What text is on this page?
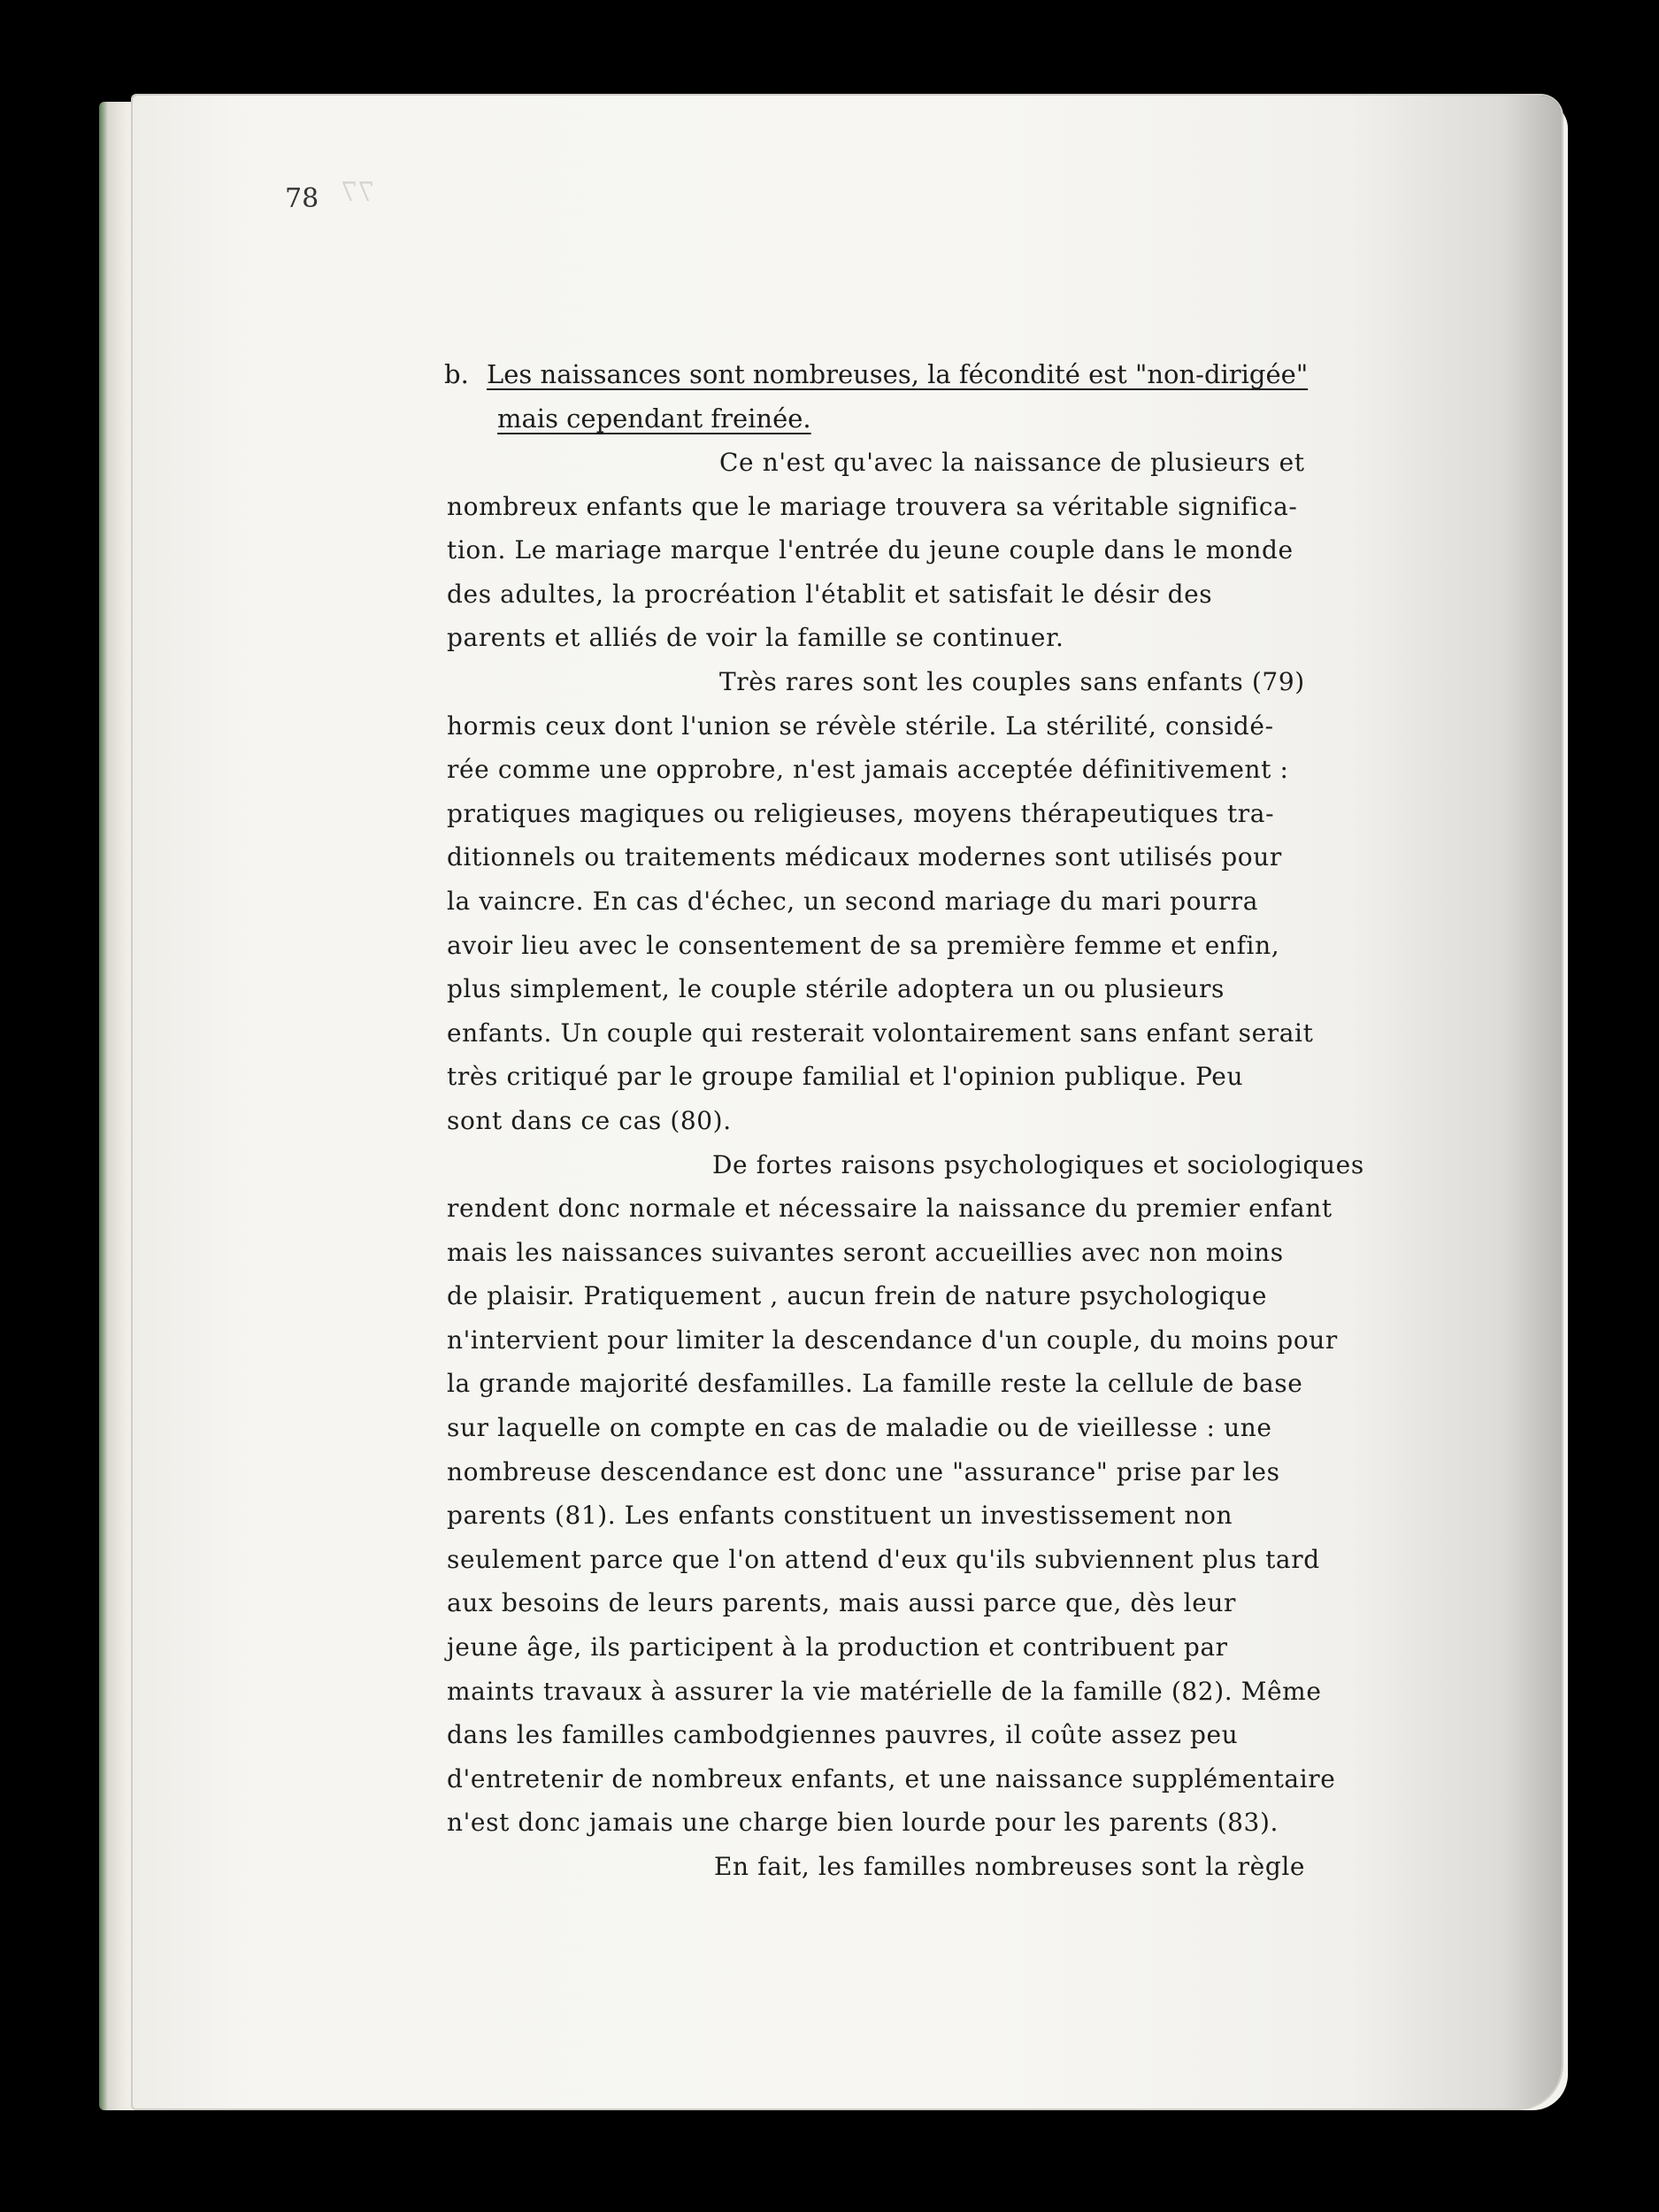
78 77
b. Les naissances sont nombreuses, la fécondité est "non-dirigée"
mais cependant freinée.
Ce n'est qu'avec la naissance de plusieurs et
nombreux enfants que le mariage trouvera sa véritable significa-
tion. Le mariage marque l'entrée du jeune couple dans le monde
des adultes, la procréation l'établit et satisfait le désir des
parents et alliés de voir la famille se continuer.
Très rares sont les couples sans enfants (79)
hormis ceux dont l'union se révèle stérile. La stérilité, considé-
rée comme une opprobre, n'est jamais acceptée définitivement :
pratiques magiques ou religieuses, moyens thérapeutiques tra-
ditionnels ou traitements médicaux modernes sont utilisés pour
la vaincre. En cas d'échec, un second mariage du mari pourra
avoir lieu avec le consentement de sa première femme et enfin,
plus simplement, le couple stérile adoptera un ou plusieurs
enfants. Un couple qui resterait volontairement sans enfant serait
très critiqué par le groupe familial et l'opinion publique. Peu
sont dans ce cas (80).
De fortes raisons psychologiques et sociologiques
rendent donc normale et nécessaire la naissance du premier enfant
mais les naissances suivantes seront accueillies avec non moins
de plaisir. Pratiquement , aucun frein de nature psychologique
n'intervient pour limiter la descendance d'un couple, du moins pour
la grande majorité desfamilles. La famille reste la cellule de base
sur laquelle on compte en cas de maladie ou de vieillesse : une
nombreuse descendance est donc une "assurance" prise par les
parents (81). Les enfants constituent un investissement non
seulement parce que l'on attend d'eux qu'ils subviennent plus tard
aux besoins de leurs parents, mais aussi parce que, dès leur
jeune âge, ils participent à la production et contribuent par
maints travaux à assurer la vie matérielle de la famille (82). Même
dans les familles cambodgiennes pauvres, il coûte assez peu
d'entretenir de nombreux enfants, et une naissance supplémentaire
n'est donc jamais une charge bien lourde pour les parents (83).
En fait, les familles nombreuses sont la règle
